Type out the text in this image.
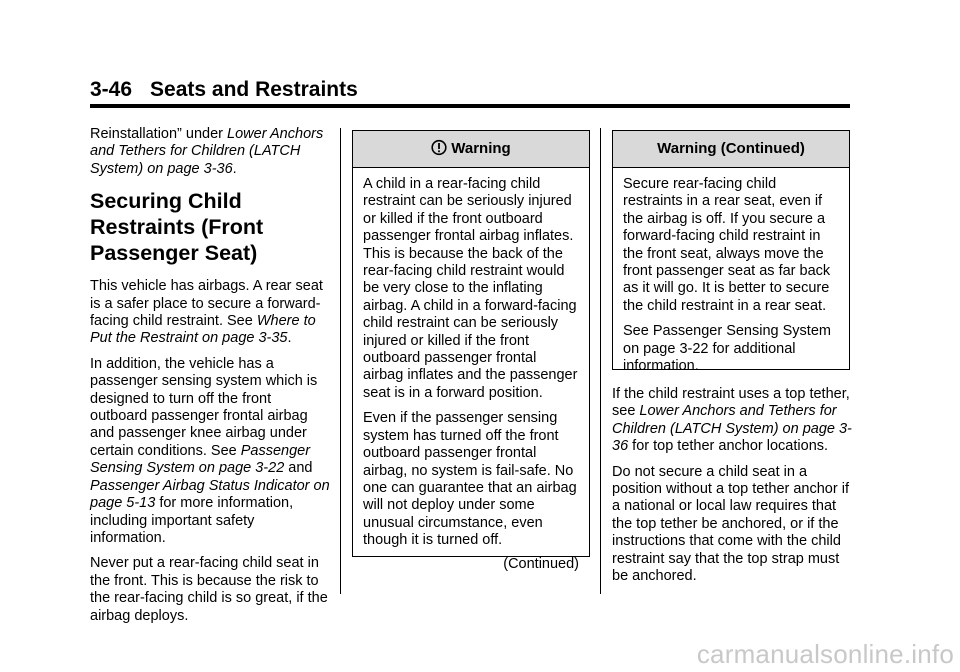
3-46 Seats and Restraints

Reinstallation” under Lower Anchors and Tethers for Children (LATCH System) on page 3-36.

Securing Child Restraints (Front Passenger Seat)

This vehicle has airbags. A rear seat is a safer place to secure a forward-facing child restraint. See Where to Put the Restraint on page 3-35.

In addition, the vehicle has a passenger sensing system which is designed to turn off the front outboard passenger frontal airbag and passenger knee airbag under certain conditions. See Passenger Sensing System on page 3-22 and Passenger Airbag Status Indicator on page 5-13 for more information, including important safety information.

Never put a rear-facing child seat in the front. This is because the risk to the rear-facing child is so great, if the airbag deploys.

Warning

A child in a rear-facing child restraint can be seriously injured or killed if the front outboard passenger frontal airbag inflates. This is because the back of the rear-facing child restraint would be very close to the inflating airbag. A child in a forward-facing child restraint can be seriously injured or killed if the front outboard passenger frontal airbag inflates and the passenger seat is in a forward position.

Even if the passenger sensing system has turned off the front outboard passenger frontal airbag, no system is fail-safe. No one can guarantee that an airbag will not deploy under some unusual circumstance, even though it is turned off.

(Continued)
Warning (Continued)

Secure rear-facing child restraints in a rear seat, even if the airbag is off. If you secure a forward-facing child restraint in the front seat, always move the front passenger seat as far back as it will go. It is better to secure the child restraint in a rear seat.

See Passenger Sensing System on page 3-22 for additional information.

If the child restraint uses a top tether, see Lower Anchors and Tethers for Children (LATCH System) on page 3-36 for top tether anchor locations.

Do not secure a child seat in a position without a top tether anchor if a national or local law requires that the top tether be anchored, or if the instructions that come with the child restraint say that the top strap must be anchored.

carmanualsonline.info
